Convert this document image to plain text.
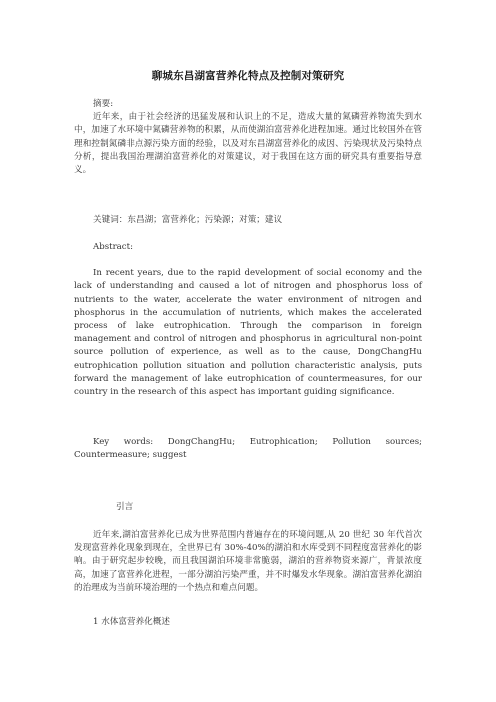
聊城东昌湖富营养化特点及控制对策研究
摘要:
近年来，由于社会经济的迅猛发展和认识上的不足，造成大量的氮磷营养物流失到水中，加速了水环境中氮磷营养物的积累，从而使湖泊富营养化进程加速。通过比较国外在管理和控制氮磷非点源污染方面的经验，以及对东昌湖富营养化的成因、污染现状及污染特点分析，提出我国治理湖泊富营养化的对策建议，对于我国在这方面的研究具有重要指导意义。
关键词：东昌湖；富营养化；污染源；对策；建议
Abstract:
In recent years, due to the rapid development of social economy and the lack of understanding and caused a lot of nitrogen and phosphorus loss of nutrients to the water, accelerate the water environment of nitrogen and phosphorus in the accumulation of nutrients, which makes the accelerated process of lake eutrophication. Through the comparison in foreign management and control of nitrogen and phosphorus in agricultural non-point source pollution of experience, as well as to the cause, DongChangHu eutrophication pollution situation and pollution characteristic analysis, puts forward the management of lake eutrophication of countermeasures, for our country in the research of this aspect has important guiding significance.
Key words: DongChangHu; Eutrophication; Pollution sources; Countermeasure; suggest
引言
近年来,湖泊富营养化已成为世界范围内普遍存在的环境问题,从 20 世纪 30 年代首次发现富营养化现象到现在，全世界已有 30%-40%的湖泊和水库受到不同程度富营养化的影响。由于研究起步较晚，而且我国湖泊环境非常脆弱，湖泊的营养物资来源广，背景浓度高，加速了富营养化进程，一部分湖泊污染严重，并不时爆发水华现象。湖泊富营养化湖泊的治理成为当前环境治理的一个热点和难点问题。
1 水体富营养化概述
